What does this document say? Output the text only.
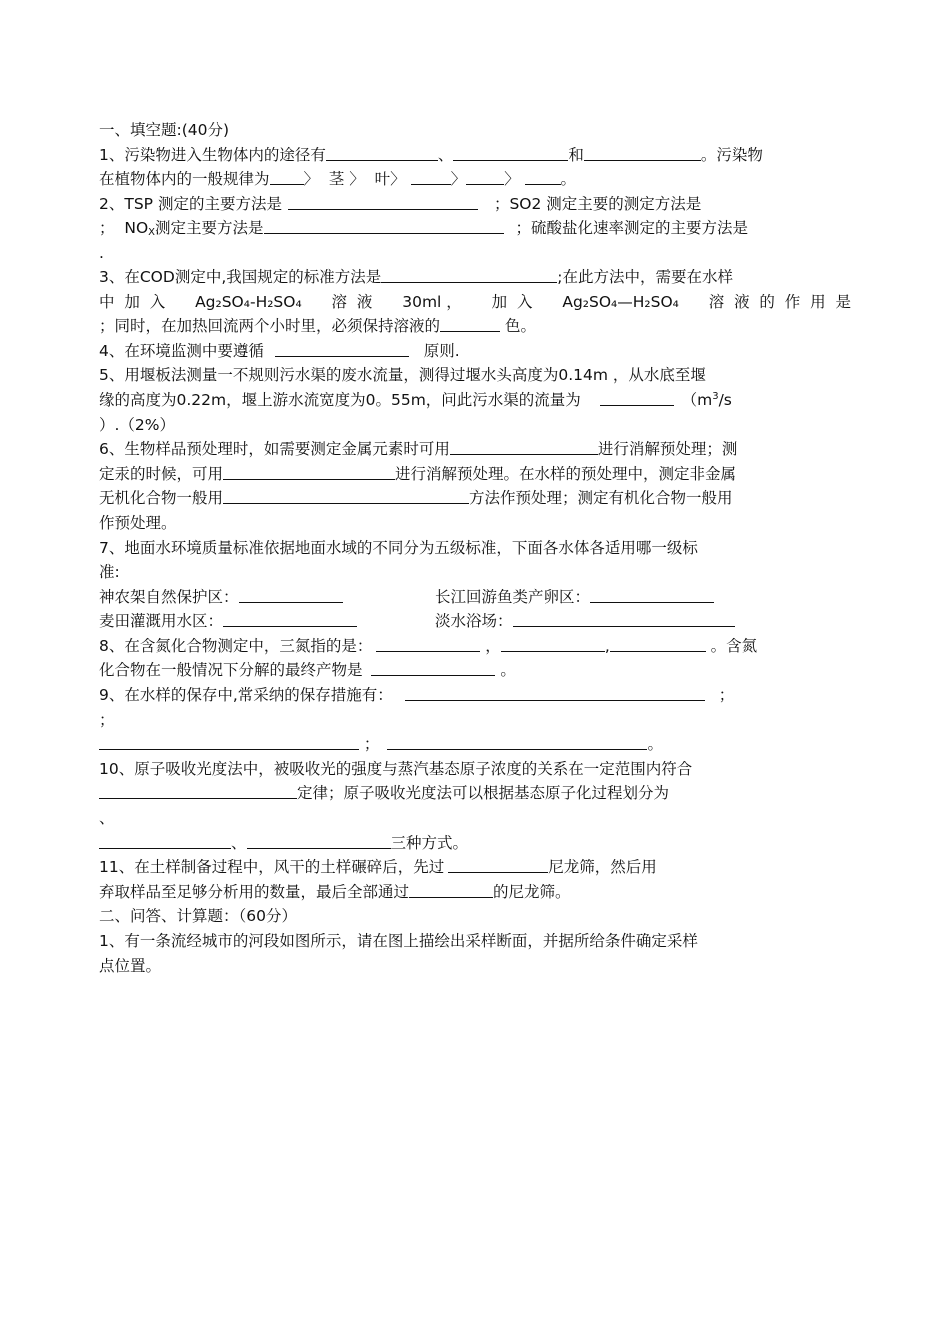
一、填空题:(40分)
1、污染物进入生物体内的途径有	、	和	。污染物
在植物体内的一般规律为 〉  茎 〉  叶〉	〉 〉 。
2、TSP 测定的主要方法是	；SO2 测定主要的测定方法是
；  $NO_X$测定主要方法是	；硫酸盐化速率测定的主要方法是
.
3、在COD测定中,我国规定的标准方法是	;在此方法中，需要在水样
中  加  入 Ag₂SO₄-H₂SO₄ 溶  液 30ml ， 加  入 Ag₂SO₄—H₂SO₄ 溶  液  的  作  用  是
；同时，在加热回流两个小时里，必须保持溶液的	色。
4、在环境监测中要遵循	原则.
5、用堰板法测量一不规则污水渠的废水流量，测得过堰水头高度为0.14m ，从水底至堰
缘的高度为0.22m，堰上游水流宽度为0。55m，问此污水渠的流量为	（$m^3/s$
）.（2%）
6、生物样品预处理时，如需要测定金属元素时可用	进行消解预处理；测
定汞的时候，可用	进行消解预处理。在水样的预处理中，测定非金属
无机化合物一般用	方法作预处理；测定有机化合物一般用
作预处理。
7、地面水环境质量标准依据地面水域的不同分为五级标准，下面各水体各适用哪一级标
准:
神农架自然保护区：	长江回游鱼类产卵区：
麦田灌溉用水区：	淡水浴场：
8、在含氮化合物测定中，三氮指的是：	，	,	。含氮
化合物在一般情况下分解的最终产物是	。
9、在水样的保存中,常采纳的保存措施有：	；
；
；	。
10、原子吸收光度法中，被吸收光的强度与蒸汽基态原子浓度的关系在一定范围内符合
定律；原子吸收光度法可以根据基态原子化过程划分为
、
、	三种方式。
11、在土样制备过程中，风干的土样碾碎后，先过	尼龙筛，然后用
弃取样品至足够分析用的数量，最后全部通过	的尼龙筛。
二、问答、计算题：（60分）
1、有一条流经城市的河段如图所示，请在图上描绘出采样断面，并据所给条件确定采样
点位置。
